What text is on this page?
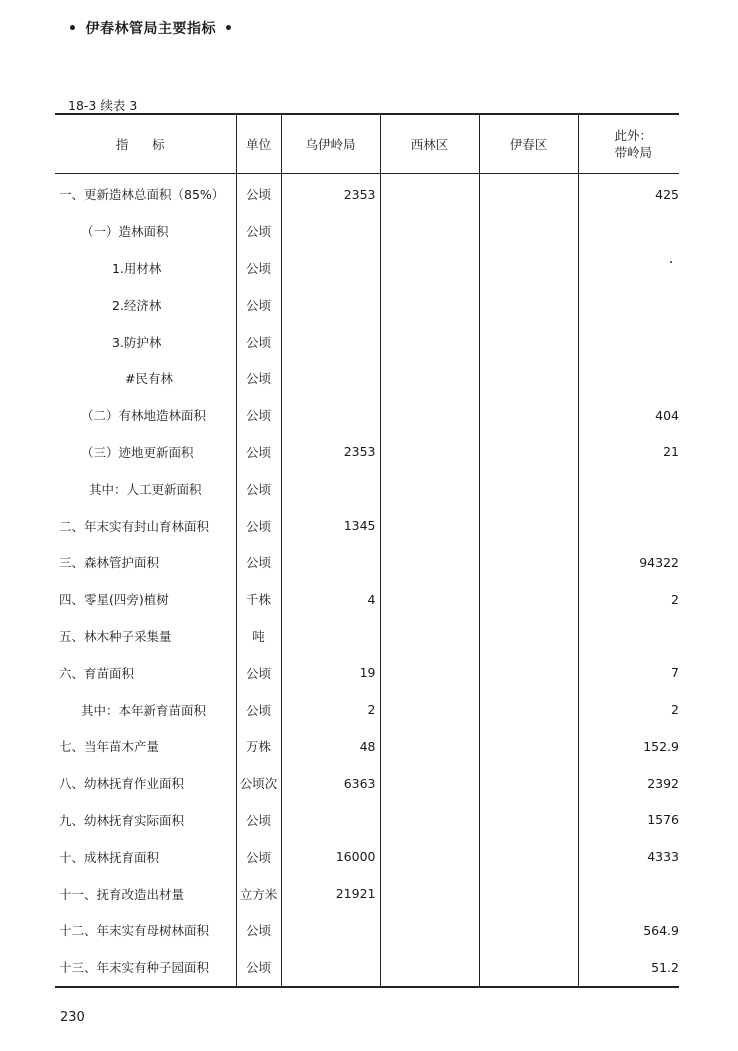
• 伊春林管局主要指标 •
18-3 续表 3
指      标	单位	乌伊岭局	西林区	伊春区	此外：
带岭局

一、更新造林总面积（85%）	公顷	2353			425
（一）造林面积	公顷				
1.用材林	公顷				
2.经济林	公顷				
3.防护林	公顷				
#民有林	公顷				
（二）有林地造林面积	公顷				404
（三）迹地更新面积	公顷	2353			21
其中：人工更新面积	公顷				
二、年末实有封山育林面积	公顷	1345			
三、森林管护面积	公顷				94322
四、零星(四旁)植树	千株	4			2
五、林木种子采集量	吨				
六、育苗面积	公顷	19			7
其中：本年新育苗面积	公顷	2			2
七、当年苗木产量	万株	48			152.9
八、幼林抚育作业面积	公顷次	6363			2392
九、幼林抚育实际面积	公顷				1576
十、成林抚育面积	公顷	16000			4333
十一、抚育改造出材量	立方米	21921			
十二、年末实有母树林面积	公顷				564.9
十三、年末实有种子园面积	公顷				51.2
230
